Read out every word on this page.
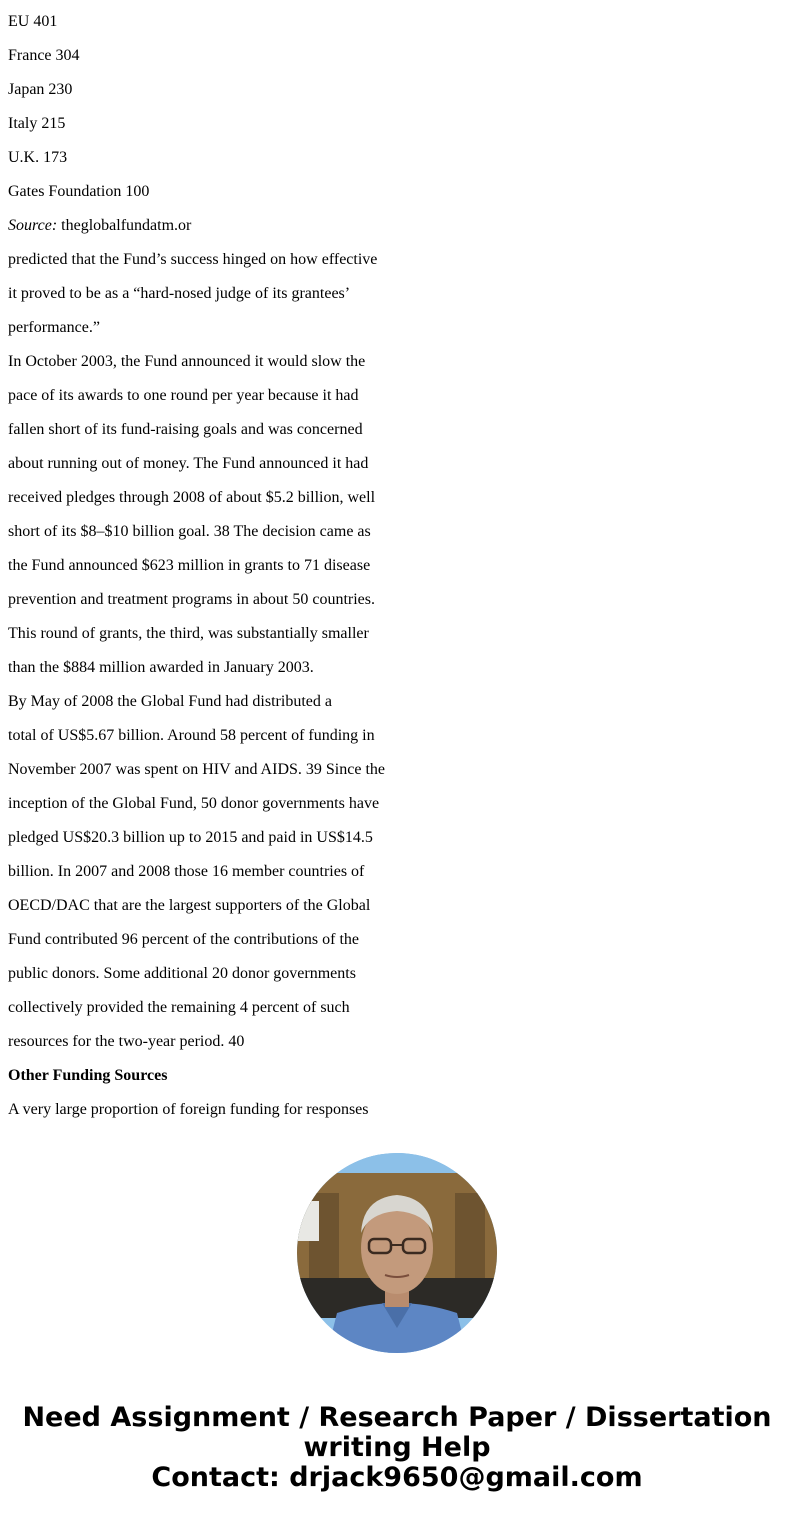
EU 401

France 304

Japan 230

Italy 215

U.K. 173

Gates Foundation 100

Source: theglobalfundatm.or

predicted that the Fund’s success hinged on how effective

it proved to be as a “hard-nosed judge of its grantees’

performance.”

In October 2003, the Fund announced it would slow the

pace of its awards to one round per year because it had

fallen short of its fund-raising goals and was concerned

about running out of money. The Fund announced it had

received pledges through 2008 of about $5.2 billion, well

short of its $8–$10 billion goal. 38 The decision came as

the Fund announced $623 million in grants to 71 disease

prevention and treatment programs in about 50 countries.

This round of grants, the third, was substantially smaller

than the $884 million awarded in January 2003.

By May of 2008 the Global Fund had distributed a

total of US$5.67 billion. Around 58 percent of funding in

November 2007 was spent on HIV and AIDS. 39 Since the

inception of the Global Fund, 50 donor governments have

pledged US$20.3 billion up to 2015 and paid in US$14.5

billion. In 2007 and 2008 those 16 member countries of

OECD/DAC that are the largest supporters of the Global

Fund contributed 96 percent of the contributions of the

public donors. Some additional 20 donor governments

collectively provided the remaining 4 percent of such

resources for the two-year period. 40

Other Funding Sources

A very large proportion of foreign funding for responses

Need Assignment / Research Paper / Dissertation
writing Help
Contact: drjack9650@gmail.com
